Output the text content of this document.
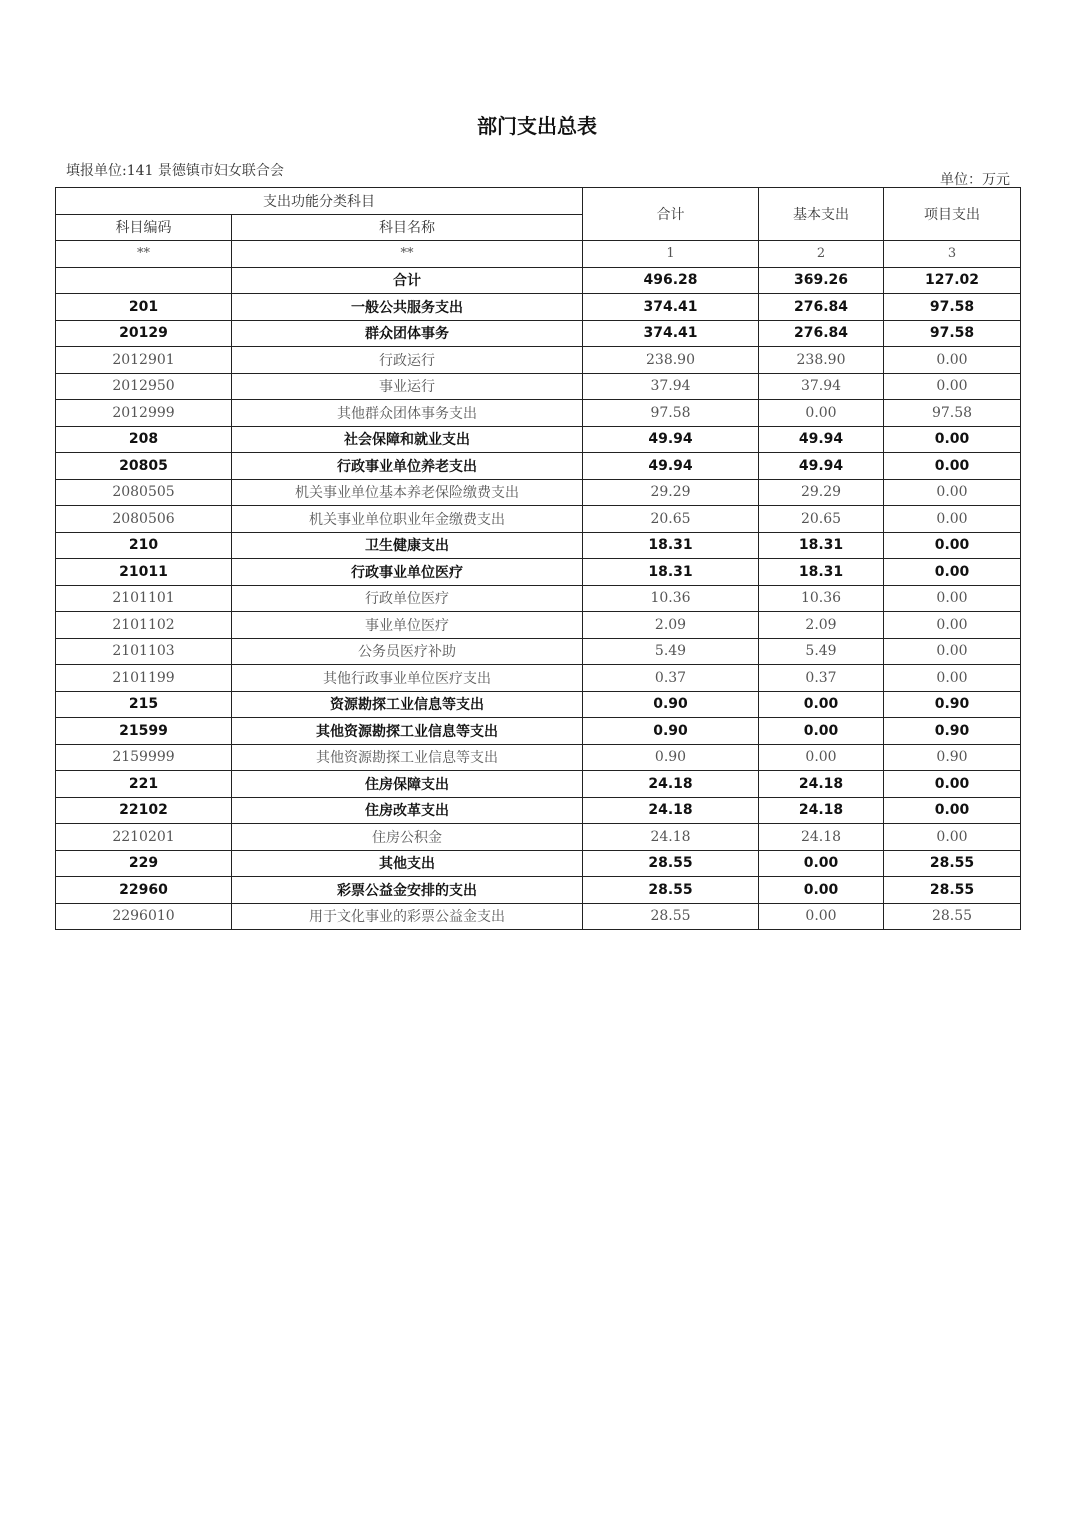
部门支出总表
填报单位:141 景德镇市妇女联合会
单位：万元
支出功能分类科目		合计	基本支出	项目支出
科目编码	科目名称			
**	**	1	2	3
	合计	496.28	369.26	127.02
201	一般公共服务支出	374.41	276.84	97.58
20129	群众团体事务	374.41	276.84	97.58
2012901	行政运行	238.90	238.90	0.00
2012950	事业运行	37.94	37.94	0.00
2012999	其他群众团体事务支出	97.58	0.00	97.58
208	社会保障和就业支出	49.94	49.94	0.00
20805	行政事业单位养老支出	49.94	49.94	0.00
2080505	机关事业单位基本养老保险缴费支出	29.29	29.29	0.00
2080506	机关事业单位职业年金缴费支出	20.65	20.65	0.00
210	卫生健康支出	18.31	18.31	0.00
21011	行政事业单位医疗	18.31	18.31	0.00
2101101	行政单位医疗	10.36	10.36	0.00
2101102	事业单位医疗	2.09	2.09	0.00
2101103	公务员医疗补助	5.49	5.49	0.00
2101199	其他行政事业单位医疗支出	0.37	0.37	0.00
215	资源勘探工业信息等支出	0.90	0.00	0.90
21599	其他资源勘探工业信息等支出	0.90	0.00	0.90
2159999	其他资源勘探工业信息等支出	0.90	0.00	0.90
221	住房保障支出	24.18	24.18	0.00
22102	住房改革支出	24.18	24.18	0.00
2210201	住房公积金	24.18	24.18	0.00
229	其他支出	28.55	0.00	28.55
22960	彩票公益金安排的支出	28.55	0.00	28.55
2296010	用于文化事业的彩票公益金支出	28.55	0.00	28.55
